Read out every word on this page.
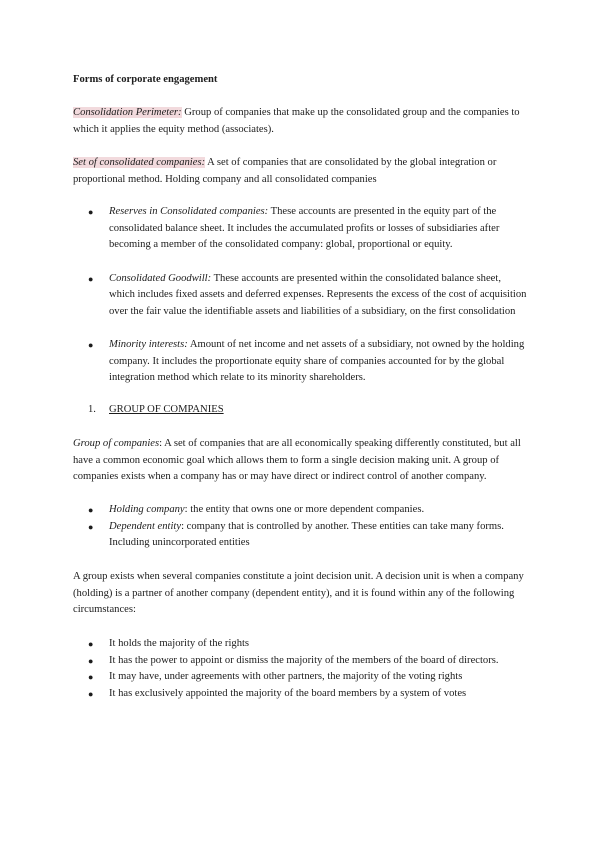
Forms of corporate engagement
Consolidation Perimeter: Group of companies that make up the consolidated group and the companies to which it applies the equity method (associates).
Set of consolidated companies: A set of companies that are consolidated by the global integration or proportional method. Holding company and all consolidated companies
● Reserves in Consolidated companies: These accounts are presented in the equity part of the consolidated balance sheet. It includes the accumulated profits or losses of subsidiaries after becoming a member of the consolidated company: global, proportional or equity.
● Consolidated Goodwill: These accounts are presented within the consolidated balance sheet, which includes fixed assets and deferred expenses. Represents the excess of the cost of acquisition over the fair value the identifiable assets and liabilities of a subsidiary, on the first consolidation
● Minority interests: Amount of net income and net assets of a subsidiary, not owned by the holding company. It includes the proportionate equity share of companies accounted for by the global integration method which relate to its minority shareholders.
1. GROUP OF COMPANIES
Group of companies: A set of companies that are all economically speaking differently constituted, but all have a common economic goal which allows them to form a single decision making unit. A group of companies exists when a company has or may have direct or indirect control of another company.
● Holding company: the entity that owns one or more dependent companies.
● Dependent entity: company that is controlled by another. These entities can take many forms. Including unincorporated entities
A group exists when several companies constitute a joint decision unit. A decision unit is when a company (holding) is a partner of another company (dependent entity), and it is found within any of the following circumstances:
● It holds the majority of the rights
● It has the power to appoint or dismiss the majority of the members of the board of directors.
● It may have, under agreements with other partners, the majority of the voting rights
● It has exclusively appointed the majority of the board members by a system of votes
